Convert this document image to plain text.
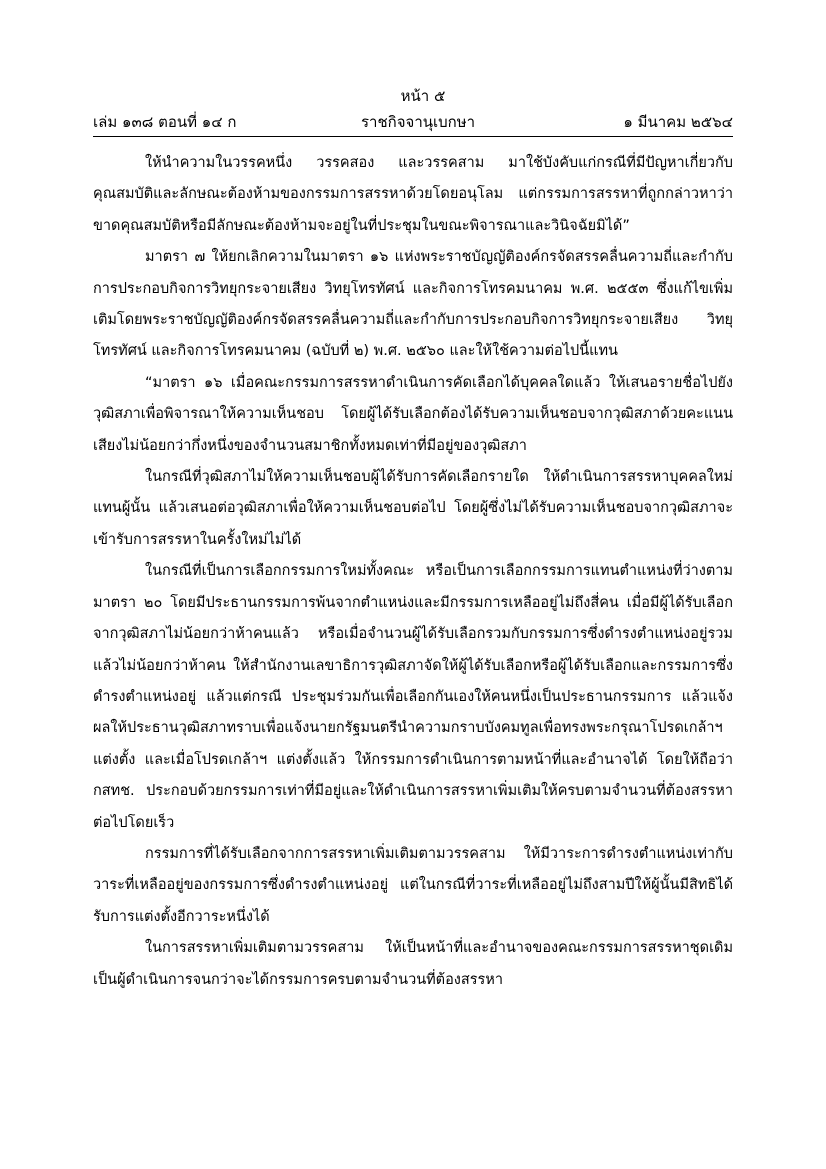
หน้า ๕
เล่ม ๑๓๘ ตอนที่ ๑๔ ก	ราชกิจจานุเบกษา	๑ มีนาคม ๒๕๖๔

ให้นำความในวรรคหนึ่ง วรรคสอง และวรรคสาม มาใช้บังคับแก่กรณีที่มีปัญหาเกี่ยวกับคุณสมบัติและลักษณะต้องห้ามของกรรมการสรรหาด้วยโดยอนุโลม แต่กรรมการสรรหาที่ถูกกล่าวหาว่าขาดคุณสมบัติหรือมีลักษณะต้องห้ามจะอยู่ในที่ประชุมในขณะพิจารณาและวินิจฉัยมิได้”

มาตรา ๗ ให้ยกเลิกความในมาตรา ๑๖ แห่งพระราชบัญญัติองค์กรจัดสรรคลื่นความถี่และกำกับการประกอบกิจการวิทยุกระจายเสียง วิทยุโทรทัศน์ และกิจการโทรคมนาคม พ.ศ. ๒๕๕๓ ซึ่งแก้ไขเพิ่มเติมโดยพระราชบัญญัติองค์กรจัดสรรคลื่นความถี่และกำกับการประกอบกิจการวิทยุกระจายเสียง วิทยุโทรทัศน์ และกิจการโทรคมนาคม (ฉบับที่ ๒) พ.ศ. ๒๕๖๐ และให้ใช้ความต่อไปนี้แทน

“มาตรา ๑๖ เมื่อคณะกรรมการสรรหาดำเนินการคัดเลือกได้บุคคลใดแล้ว ให้เสนอรายชื่อไปยังวุฒิสภาเพื่อพิจารณาให้ความเห็นชอบ โดยผู้ได้รับเลือกต้องได้รับความเห็นชอบจากวุฒิสภาด้วยคะแนนเสียงไม่น้อยกว่ากึ่งหนึ่งของจำนวนสมาชิกทั้งหมดเท่าที่มีอยู่ของวุฒิสภา

ในกรณีที่วุฒิสภาไม่ให้ความเห็นชอบผู้ได้รับการคัดเลือกรายใด ให้ดำเนินการสรรหาบุคคลใหม่แทนผู้นั้น แล้วเสนอต่อวุฒิสภาเพื่อให้ความเห็นชอบต่อไป โดยผู้ซึ่งไม่ได้รับความเห็นชอบจากวุฒิสภาจะเข้ารับการสรรหาในครั้งใหม่ไม่ได้

ในกรณีที่เป็นการเลือกกรรมการใหม่ทั้งคณะ หรือเป็นการเลือกกรรมการแทนตำแหน่งที่ว่างตามมาตรา ๒๐ โดยมีประธานกรรมการพ้นจากตำแหน่งและมีกรรมการเหลืออยู่ไม่ถึงสี่คน เมื่อมีผู้ได้รับเลือกจากวุฒิสภาไม่น้อยกว่าห้าคนแล้ว หรือเมื่อจำนวนผู้ได้รับเลือกรวมกับกรรมการซึ่งดำรงตำแหน่งอยู่รวมแล้วไม่น้อยกว่าห้าคน ให้สำนักงานเลขาธิการวุฒิสภาจัดให้ผู้ได้รับเลือกหรือผู้ได้รับเลือกและกรรมการซึ่งดำรงตำแหน่งอยู่ แล้วแต่กรณี ประชุมร่วมกันเพื่อเลือกกันเองให้คนหนึ่งเป็นประธานกรรมการ แล้วแจ้งผลให้ประธานวุฒิสภาทราบเพื่อแจ้งนายกรัฐมนตรีนำความกราบบังคมทูลเพื่อทรงพระกรุณาโปรดเกล้าฯ แต่งตั้ง และเมื่อโปรดเกล้าฯ แต่งตั้งแล้ว ให้กรรมการดำเนินการตามหน้าที่และอำนาจได้ โดยให้ถือว่า กสทช. ประกอบด้วยกรรมการเท่าที่มีอยู่และให้ดำเนินการสรรหาเพิ่มเติมให้ครบตามจำนวนที่ต้องสรรหาต่อไปโดยเร็ว

กรรมการที่ได้รับเลือกจากการสรรหาเพิ่มเติมตามวรรคสาม ให้มีวาระการดำรงตำแหน่งเท่ากับวาระที่เหลืออยู่ของกรรมการซึ่งดำรงตำแหน่งอยู่ แต่ในกรณีที่วาระที่เหลืออยู่ไม่ถึงสามปีให้ผู้นั้นมีสิทธิได้รับการแต่งตั้งอีกวาระหนึ่งได้

ในการสรรหาเพิ่มเติมตามวรรคสาม ให้เป็นหน้าที่และอำนาจของคณะกรรมการสรรหาชุดเดิมเป็นผู้ดำเนินการจนกว่าจะได้กรรมการครบตามจำนวนที่ต้องสรรหา
